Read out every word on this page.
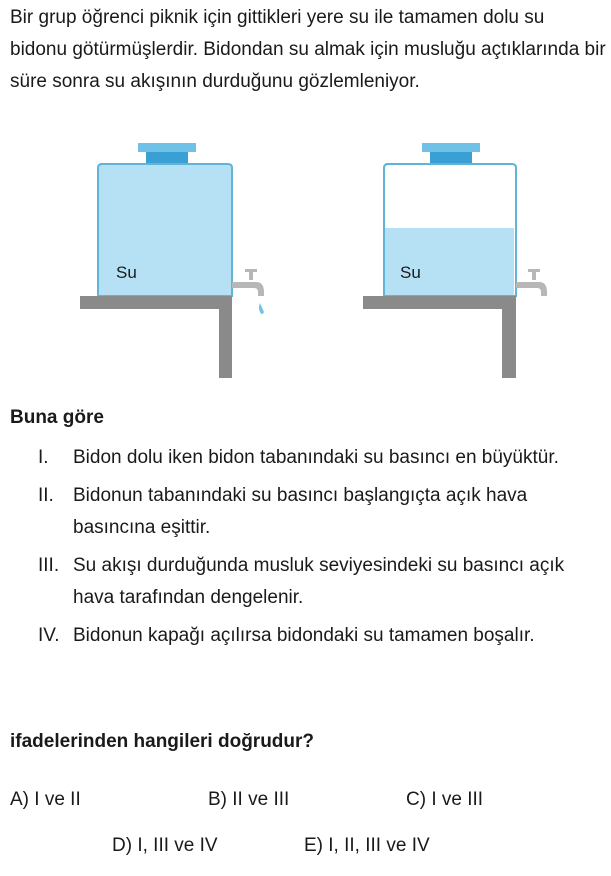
Bir grup öğrenci piknik için gittikleri yere su ile tamamen dolu su bidonu götürmüşlerdir. Bidondan su almak için musluğu açtıklarında bir süre sonra su akışının durduğunu gözlemleniyor.

Su	Su

Buna göre

I. Bidon dolu iken bidon tabanındaki su basıncı en büyüktür.
II. Bidonun tabanındaki su basıncı başlangıçta açık hava basıncına eşittir.
III. Su akışı durduğunda musluk seviyesindeki su basıncı açık hava tarafından dengelenir.
IV. Bidonun kapağı açılırsa bidondaki su tamamen boşalır.

ifadelerinden hangileri doğrudur?

A) I ve II	B) II ve III	C) I ve III
D) I, III ve IV	E) I, II, III ve IV
